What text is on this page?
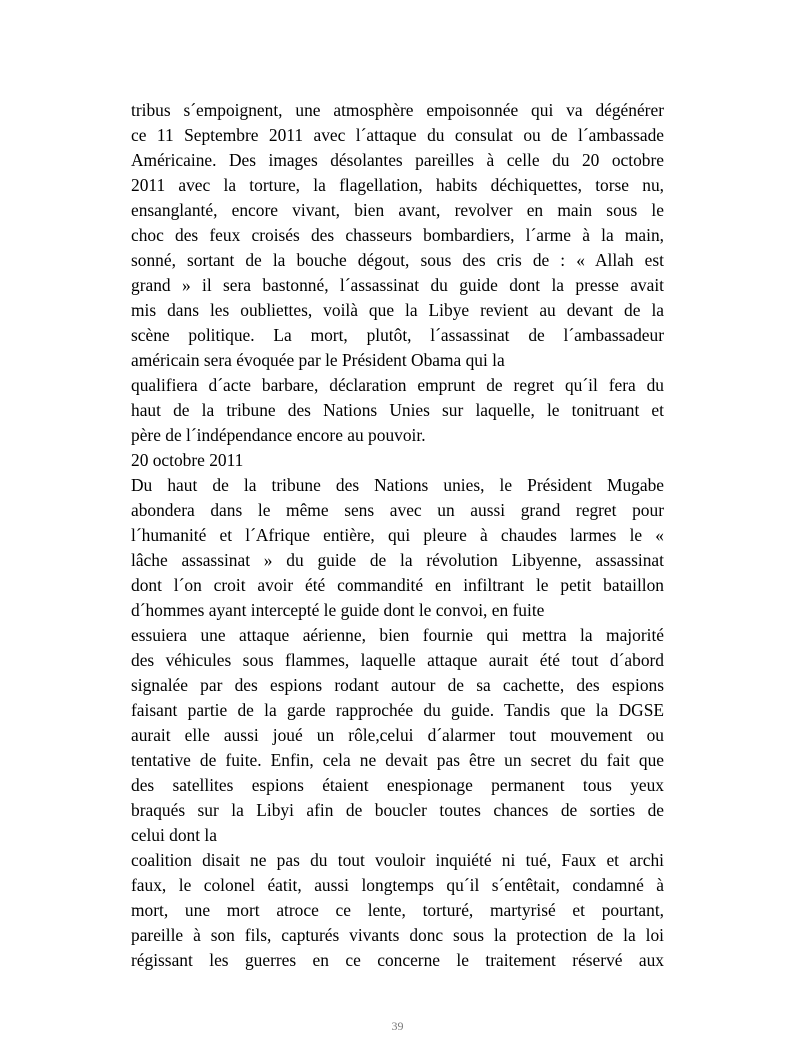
tribus s´empoignent, une atmosphère empoisonnée qui va dégénérer
ce 11 Septembre 2011 avec l´attaque du consulat ou de l´ambassade
Américaine. Des images désolantes pareilles à celle du 20 octobre
2011 avec la torture, la flagellation, habits déchiquettes, torse nu,
ensanglanté, encore vivant, bien avant, revolver en main sous le
choc des feux croisés des chasseurs bombardiers, l´arme à la main,
sonné, sortant de la bouche dégout, sous des cris de : « Allah est
grand » il sera bastonné, l´assassinat du guide dont la presse avait
mis dans les oubliettes, voilà que la Libye revient au devant de la
scène politique. La mort, plutôt, l´assassinat de l´ambassadeur
américain sera évoquée par le Président Obama qui la
qualifiera d´acte barbare, déclaration emprunt de regret qu´il fera du
haut de la tribune des Nations Unies sur laquelle, le tonitruant et
père de l´indépendance encore au pouvoir.
20 octobre 2011
Du haut de la tribune des Nations unies, le Président Mugabe
abondera dans le même sens avec un aussi grand regret pour
l´humanité et l´Afrique entière, qui pleure à chaudes larmes le «
lâche assassinat » du guide de la révolution Libyenne, assassinat
dont l´on croit avoir été commandité en infiltrant le petit bataillon
d´hommes ayant intercepté le guide dont le convoi, en fuite
essuiera une attaque aérienne, bien fournie qui mettra la majorité
des véhicules sous flammes, laquelle attaque aurait été tout d´abord
signalée par des espions rodant autour de sa cachette, des espions
faisant partie de la garde rapprochée du guide. Tandis que la DGSE
aurait elle aussi joué un rôle,celui d´alarmer tout mouvement ou
tentative de fuite. Enfin, cela ne devait pas être un secret du fait que
des satellites espions étaient enespionage permanent tous yeux
braqués sur la Libyi afin de boucler toutes chances de sorties de
celui dont la
coalition disait ne pas du tout vouloir inquiété ni tué, Faux et archi
faux, le colonel éatit, aussi longtemps qu´il s´entêtait, condamné à
mort, une mort atroce ce lente, torturé, martyrisé et pourtant,
pareille à son fils, capturés vivants donc sous la protection de la loi
régissant les guerres en ce concerne le traitement réservé aux
39
